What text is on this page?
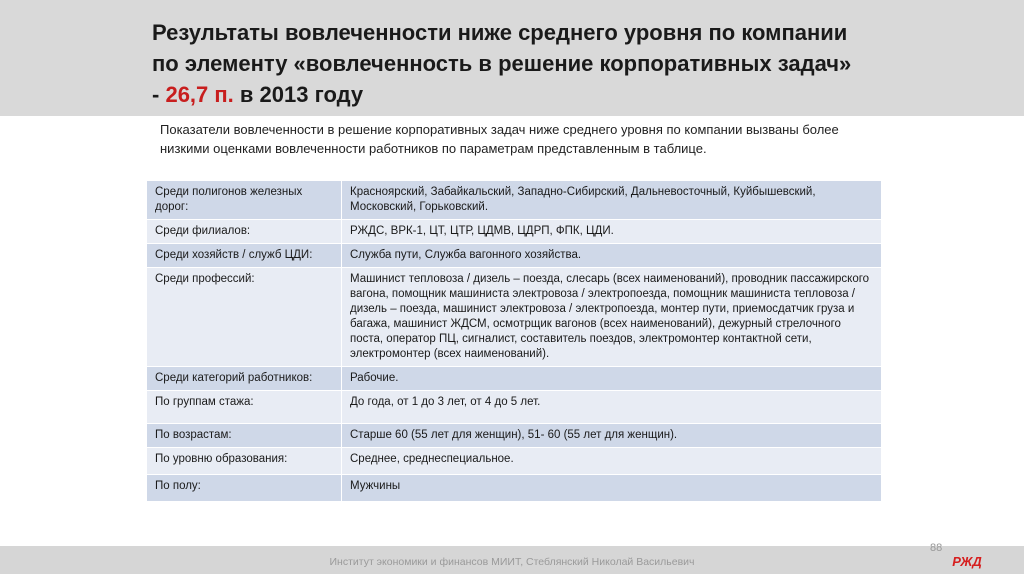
Результаты вовлеченности ниже среднего уровня по компании
по элементу «вовлеченность в решение корпоративных задач»
- 26,7 п. в 2013 году
Показатели вовлеченности в решение корпоративных задач ниже среднего уровня по компании вызваны более низкими оценками вовлеченности работников по параметрам представленным в таблице.
Среди полигонов железных дорог:	Красноярский, Забайкальский, Западно-Сибирский, Дальневосточный, Куйбышевский, Московский, Горьковский.
Среди филиалов:	РЖДС, ВРК-1, ЦТ, ЦТР, ЦДМВ, ЦДРП, ФПК, ЦДИ.
Среди хозяйств / служб ЦДИ:	Служба пути, Служба вагонного хозяйства.
Среди профессий:	Машинист тепловоза / дизель – поезда, слесарь (всех наименований), проводник пассажирского вагона, помощник машиниста электровоза / электропоезда, помощник машиниста тепловоза / дизель – поезда, машинист электровоза / электропоезда, монтер пути, приемосдатчик груза и багажа, машинист ЖДСМ, осмотрщик вагонов (всех наименований), дежурный стрелочного поста, оператор ПЦ, сигналист, составитель поездов, электромонтер контактной сети, электромонтер (всех наименований).
Среди категорий работников:	Рабочие.
По группам стажа:	До года, от 1 до 3 лет, от 4 до 5 лет.
По возрастам:	Старше 60 (55 лет для женщин), 51- 60 (55 лет для женщин).
По уровню образования:	Среднее, среднеспециальное.
По полу:	Мужчины
Институт экономики и финансов МИИТ, Стеблянский Николай Васильевич
88
РЖД
